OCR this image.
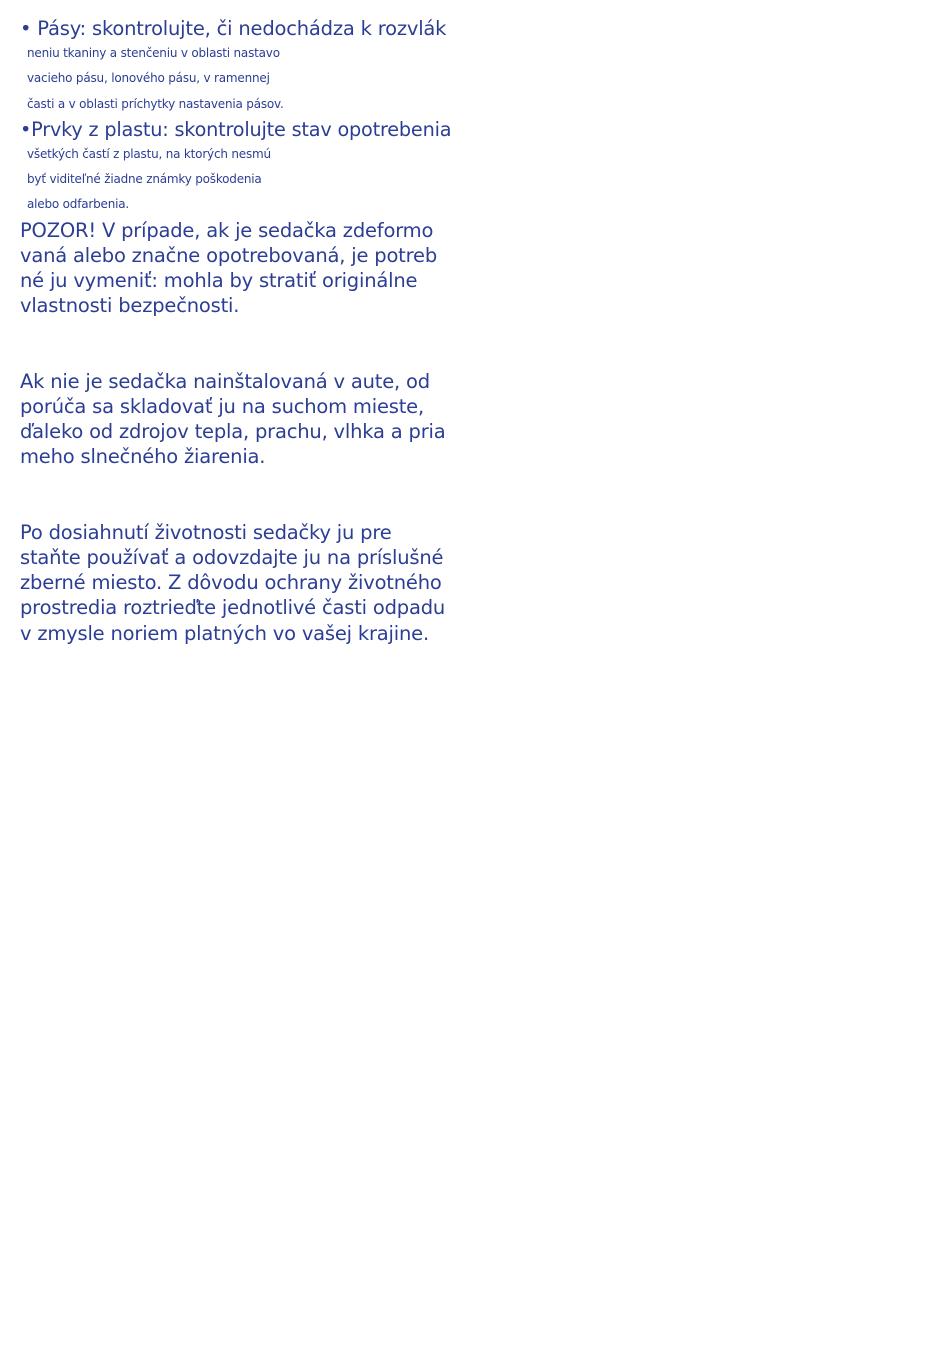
• Pásy: skontrolujte, či nedochádza k rozvlák
neniu tkaniny a stenčeniu v oblasti nastavo
vacieho pásu, lonového pásu, v ramennej
časti a v oblasti príchytky nastavenia pásov.
•Prvky z plastu: skontrolujte stav opotrebenia
všetkých častí z plastu, na ktorých nesmú
byť viditeľné žiadne známky poškodenia
alebo odfarbenia.
POZOR! V prípade, ak je sedačka zdeformo
vaná alebo značne opotrebovaná, je potreb
né ju vymeniť: mohla by stratiť originálne
vlastnosti bezpečnosti.
Ak nie je sedačka nainštalovaná v aute, od
porúča sa skladovať ju na suchom mieste,
ďaleko od zdrojov tepla, prachu, vlhka a pria
meho slnečného žiarenia.
Po dosiahnutí životnosti sedačky ju pre
staňte používať a odovzdajte ju na príslušné
zberné miesto. Z dôvodu ochrany životného
prostredia roztrieďte jednotlivé časti odpadu
v zmysle noriem platných vo vašej krajine.
